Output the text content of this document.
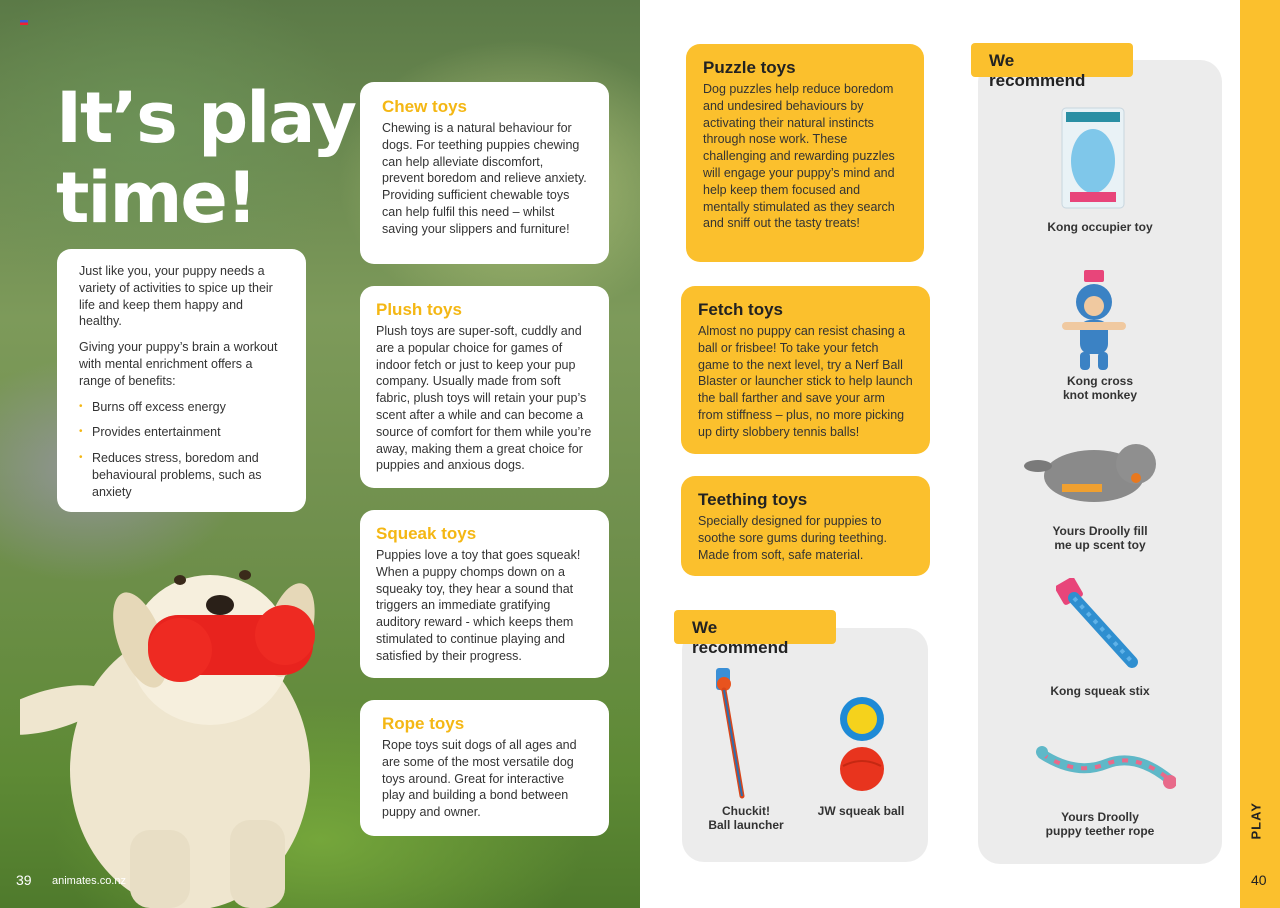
It’s play time!

Just like you, your puppy needs a variety of activities to spice up their life and keep them happy and healthy.

Giving your puppy’s brain a workout with mental enrichment offers a range of benefits:

• Burns off excess energy
• Provides entertainment
• Reduces stress, boredom and behavioural problems, such as anxiety
Chew toys
Chewing is a natural behaviour for dogs. For teething puppies chewing can help alleviate discomfort, prevent boredom and relieve anxiety. Providing sufficient chewable toys can help fulfil this need – whilst saving your slippers and furniture!
Plush toys
Plush toys are super-soft, cuddly and are a popular choice for games of indoor fetch or just to keep your pup company. Usually made from soft fabric, plush toys will retain your pup’s scent after a while and can become a source of comfort for them while you’re away, making them a great choice for puppies and anxious dogs.
Squeak toys
Puppies love a toy that goes squeak! When a puppy chomps down on a squeaky toy, they hear a sound that triggers an immediate gratifying auditory reward - which keeps them stimulated to continue playing and satisfied by their progress.
Rope toys
Rope toys suit dogs of all ages and are some of the most versatile dog toys around. Great for interactive play and building a bond between puppy and owner.
39 animates.co.nz
Puzzle toys
Dog puzzles help reduce boredom and undesired behaviours by activating their natural instincts through nose work. These challenging and rewarding puzzles will engage your puppy’s mind and help keep them focused and mentally stimulated as they search and sniff out the tasty treats!
Fetch toys
Almost no puppy can resist chasing a ball or frisbee! To take your fetch game to the next level, try a Nerf Ball Blaster or launcher stick to help launch the ball farther and save your arm from stiffness – plus, no more picking up dirty slobbery tennis balls!
Teething toys
Specially designed for puppies to soothe sore gums during teething. Made from soft, safe material.
Chuckit!
Ball launcher
JW squeak ball
We recommend
Kong occupier toy
Kong cross
knot monkey
Yours Droolly fill
me up scent toy
Kong squeak stix
Yours Droolly
puppy teether rope
We recommend
PLAY
40
